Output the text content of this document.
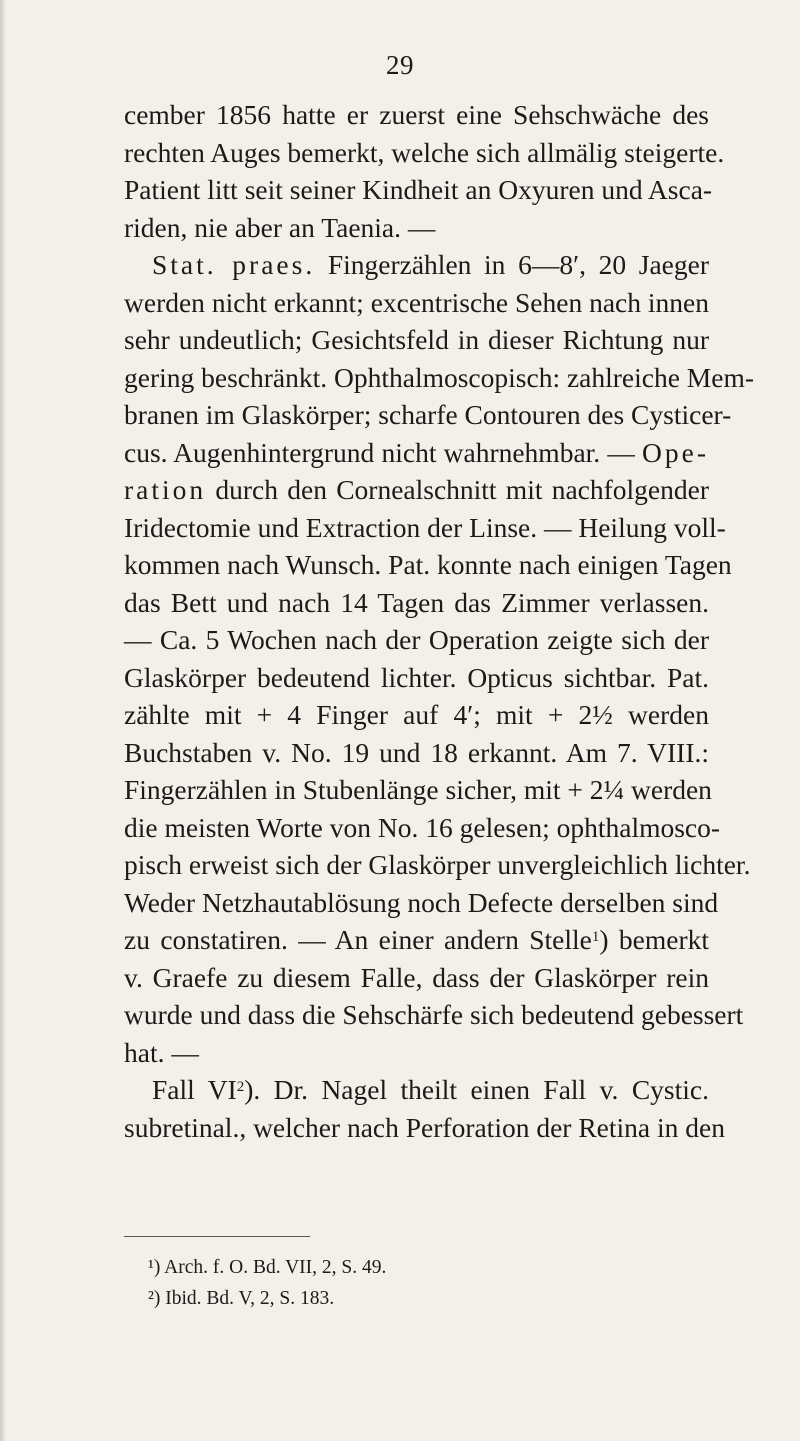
29
cember 1856 hatte er zuerst eine Sehschwäche des
rechten Auges bemerkt, welche sich allmälig steigerte.
Patient litt seit seiner Kindheit an Oxyuren und Asca-
riden, nie aber an Taenia. —
Stat. praes. Fingerzählen in 6—8′, 20 Jaeger
werden nicht erkannt; excentrische Sehen nach innen
sehr undeutlich; Gesichtsfeld in dieser Richtung nur
gering beschränkt. Ophthalmoscopisch: zahlreiche Mem-
branen im Glaskörper; scharfe Contouren des Cysticer-
cus. Augenhintergrund nicht wahrnehmbar. — Ope-
ration durch den Cornealschnitt mit nachfolgender
Iridectomie und Extraction der Linse. — Heilung voll-
kommen nach Wunsch. Pat. konnte nach einigen Tagen
das Bett und nach 14 Tagen das Zimmer verlassen.
— Ca. 5 Wochen nach der Operation zeigte sich der
Glaskörper bedeutend lichter. Opticus sichtbar. Pat.
zählte mit + 4 Finger auf 4′; mit + 2½ werden
Buchstaben v. No. 19 und 18 erkannt. Am 7. VIII.:
Fingerzählen in Stubenlänge sicher, mit + 2¼ werden
die meisten Worte von No. 16 gelesen; ophthalmosco-
pisch erweist sich der Glaskörper unvergleichlich lichter.
Weder Netzhautablösung noch Defecte derselben sind
zu constatiren. — An einer andern Stelle$^1$) bemerkt
v. Graefe zu diesem Falle, dass der Glaskörper rein
wurde und dass die Sehschärfe sich bedeutend gebessert
hat. —
Fall $VI^2$). Dr. Nagel theilt einen Fall v. Cystic.
subretinal., welcher nach Perforation der Retina in den
¹) Arch. f. O. Bd. VII, 2, S. 49.
²) Ibid. Bd. V, 2, S. 183.
